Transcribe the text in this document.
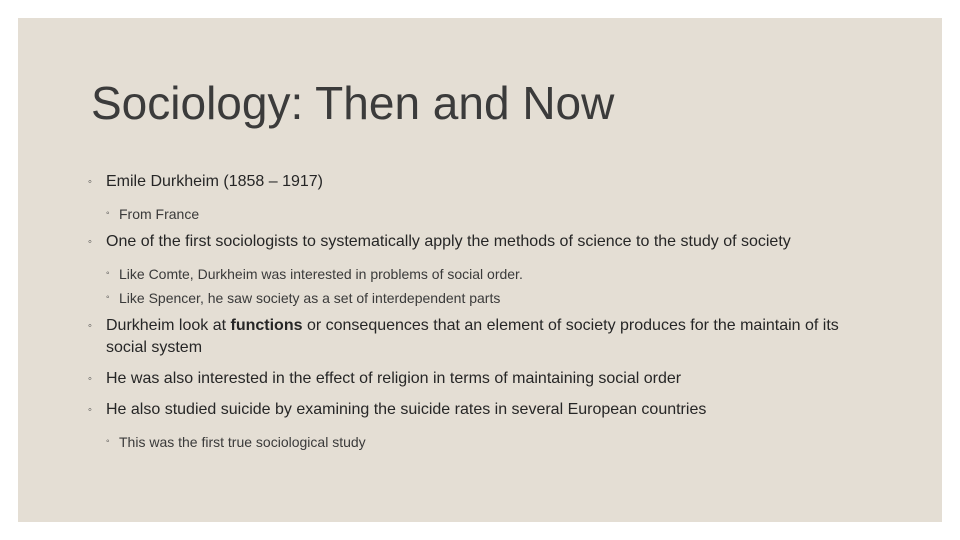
Sociology: Then and Now
◦ Emile Durkheim (1858 – 1917)
◦ From France
◦ One of the first sociologists to systematically apply the methods of science to the study of society
◦ Like Comte, Durkheim was interested in problems of social order.
◦ Like Spencer, he saw society as a set of interdependent parts
◦ Durkheim look at functions or consequences that an element of society produces for the maintain of its social system
◦ He was also interested in the effect of religion in terms of maintaining social order
◦ He also studied suicide by examining the suicide rates in several European countries
◦ This was the first true sociological study
